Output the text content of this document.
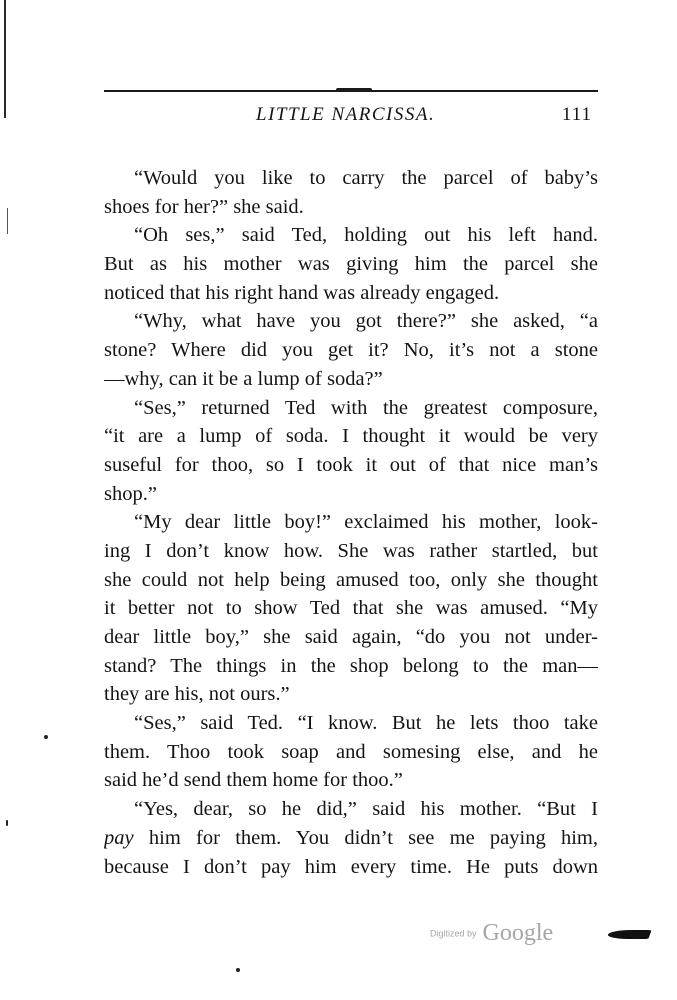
LITTLE NARCISSA.	111
“Would you like to carry the parcel of baby’s
shoes for her?” she said.
“Oh ses,” said Ted, holding out his left hand.
But as his mother was giving him the parcel she
noticed that his right hand was already engaged.
“Why, what have you got there?” she asked, “a
stone? Where did you get it? No, it’s not a stone
—why, can it be a lump of soda?”
“Ses,” returned Ted with the greatest composure,
“it are a lump of soda. I thought it would be very
suseful for thoo, so I took it out of that nice man’s
shop.”
“My dear little boy!” exclaimed his mother, look-
ing I don’t know how. She was rather startled, but
she could not help being amused too, only she thought
it better not to show Ted that she was amused. “My
dear little boy,” she said again, “do you not under-
stand? The things in the shop belong to the man—
they are his, not ours.”
“Ses,” said Ted. “I know. But he lets thoo take
them. Thoo took soap and somesing else, and he
said he’d send them home for thoo.”
“Yes, dear, so he did,” said his mother. “But I
pay him for them. You didn’t see me paying him,
because I don’t pay him every time. He puts down
Digitized by Google
